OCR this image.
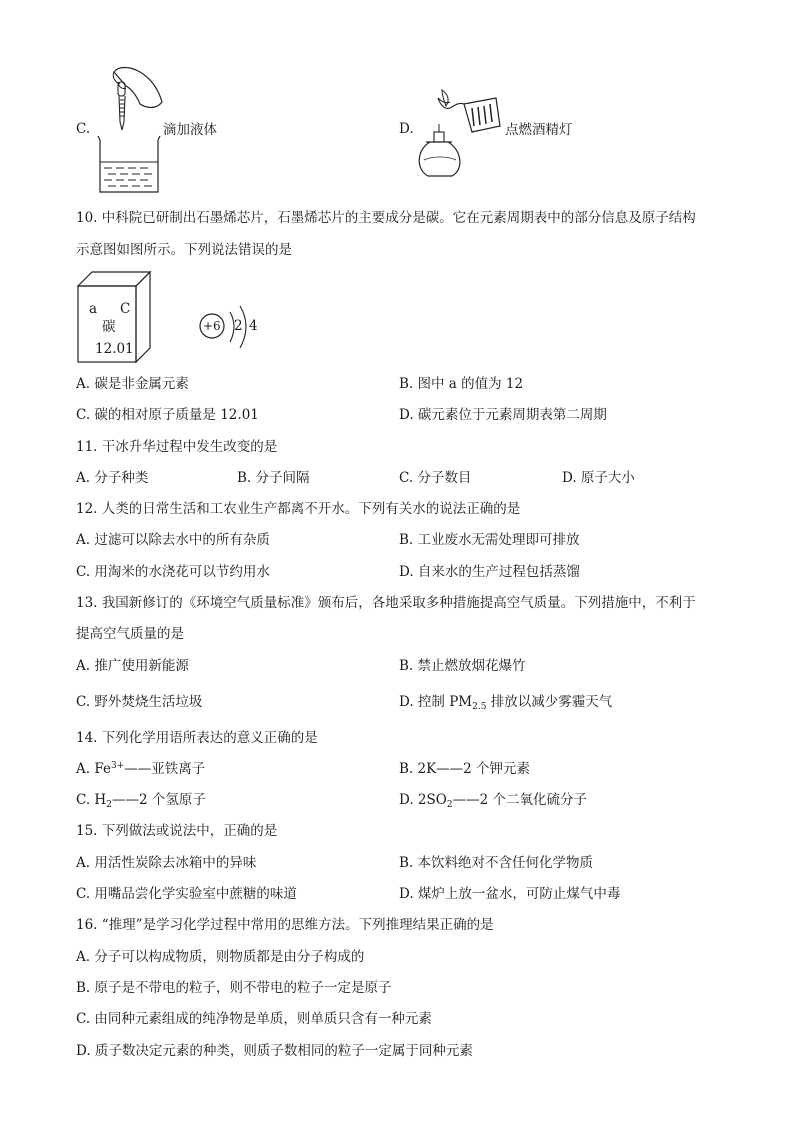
C.	滴加液体	D.	点燃酒精灯
10. 中科院已研制出石墨烯芯片，石墨烯芯片的主要成分是碳。它在元素周期表中的部分信息及原子结构
示意图如图所示。下列说法错误的是
a C
碳
12.01
+6 2 4
A. 碳是非金属元素	B. 图中 a 的值为 12
C. 碳的相对原子质量是 12.01	D. 碳元素位于元素周期表第二周期
11. 干冰升华过程中发生改变的是
A. 分子种类	B. 分子间隔	C. 分子数目	D. 原子大小
12. 人类的日常生活和工农业生产都离不开水。下列有关水的说法正确的是
A. 过滤可以除去水中的所有杂质	B. 工业废水无需处理即可排放
C. 用淘米的水浇花可以节约用水	D. 自来水的生产过程包括蒸馏
13. 我国新修订的《环境空气质量标准》颁布后，各地采取多种措施提高空气质量。下列措施中，不利于
提高空气质量的是
A. 推广使用新能源	B. 禁止燃放烟花爆竹
C. 野外焚烧生活垃圾	D. 控制 $PM_{2.5}$ 排放以减少雾霾天气
14. 下列化学用语所表达的意义正确的是
A. $Fe^{3+}——$亚铁离子	B. 2K——2 个钾元素
C. $H_2——2$ 个氢原子	D. $2SO_2——2$ 个二氧化硫分子
15. 下列做法或说法中，正确的是
A. 用活性炭除去冰箱中的异味	B. 本饮料绝对不含任何化学物质
C. 用嘴品尝化学实验室中蔗糖的味道	D. 煤炉上放一盆水，可防止煤气中毒
16. “推理”是学习化学过程中常用的思维方法。下列推理结果正确的是
A. 分子可以构成物质，则物质都是由分子构成的
B. 原子是不带电的粒子，则不带电的粒子一定是原子
C. 由同种元素组成的纯净物是单质，则单质只含有一种元素
D. 质子数决定元素的种类，则质子数相同的粒子一定属于同种元素
